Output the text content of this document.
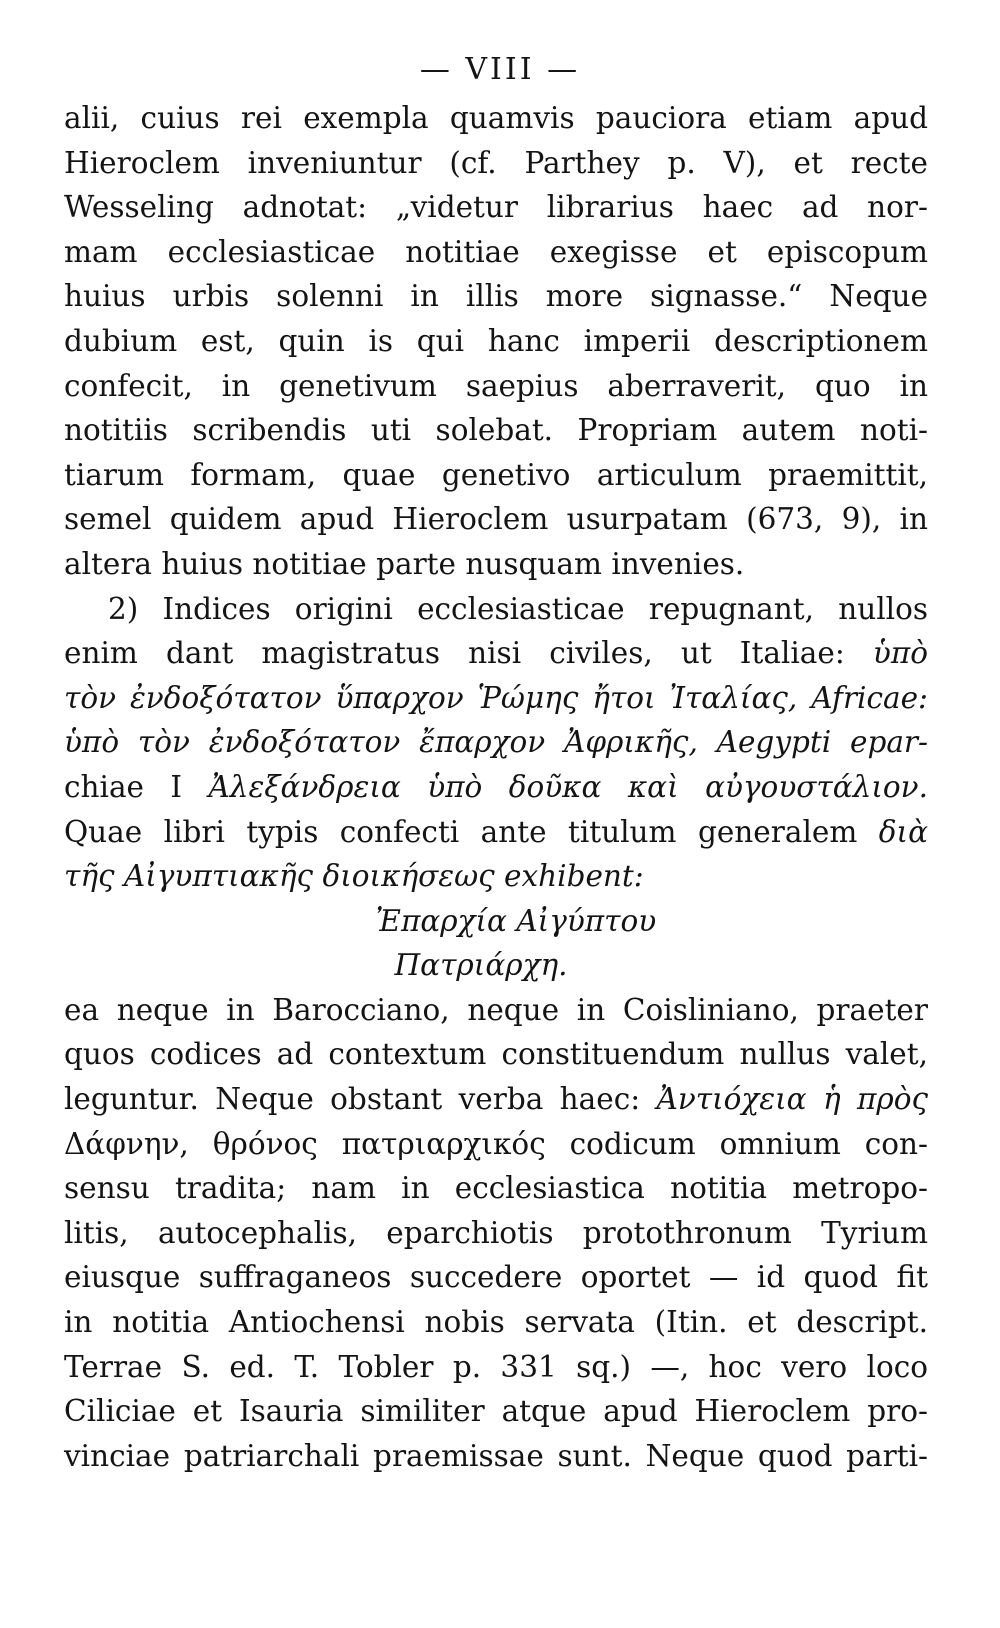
— VIII —
alii, cuius rei exempla quamvis pauciora etiam apud
Hieroclem inveniuntur (cf. Parthey p. V), et recte
Wesseling adnotat: „videtur librarius haec ad nor-
mam ecclesiasticae notitiae exegisse et episcopum
huius urbis solenni in illis more signasse.“ Neque
dubium est, quin is qui hanc imperii descriptionem
confecit, in genetivum saepius aberraverit, quo in
notitiis scribendis uti solebat. Propriam autem noti-
tiarum formam, quae genetivo articulum praemittit,
semel quidem apud Hieroclem usurpatam (673, 9), in
altera huius notitiae parte nusquam invenies.
2) Indices origini ecclesiasticae repugnant, nullos
enim dant magistratus nisi civiles, ut Italiae: ὑπὸ
τὸν ἐνδοξότατον ὕπαρχον Ῥώμης ἤτοι Ἰταλίας, Africae:
ὑπὸ τὸν ἐνδοξότατον ἔπαρχον Ἀφρικῆς, Aegypti epar-
chiae I Ἀλεξάνδρεια ὑπὸ δοῦκα καὶ αὐγουστάλιον.
Quae libri typis confecti ante titulum generalem διὰ
τῆς Αἰγυπτιακῆς διοικήσεως exhibent:
Ἐπαρχία Αἰγύπτου
Πατριάρχη.
ea neque in Barocciano, neque in Coisliniano, praeter
quos codices ad contextum constituendum nullus valet,
leguntur. Neque obstant verba haec: Ἀντιόχεια ἡ πρὸς
Δάφνην, θρόνος πατριαρχικός codicum omnium con-
sensu tradita; nam in ecclesiastica notitia metropo-
litis, autocephalis, eparchiotis protothronum Tyrium
eiusque suffraganeos succedere oportet — id quod fit
in notitia Antiochensi nobis servata (Itin. et descript.
Terrae S. ed. T. Tobler p. 331 sq.) —, hoc vero loco
Ciliciae et Isauria similiter atque apud Hieroclem pro-
vinciae patriarchali praemissae sunt. Neque quod parti-
